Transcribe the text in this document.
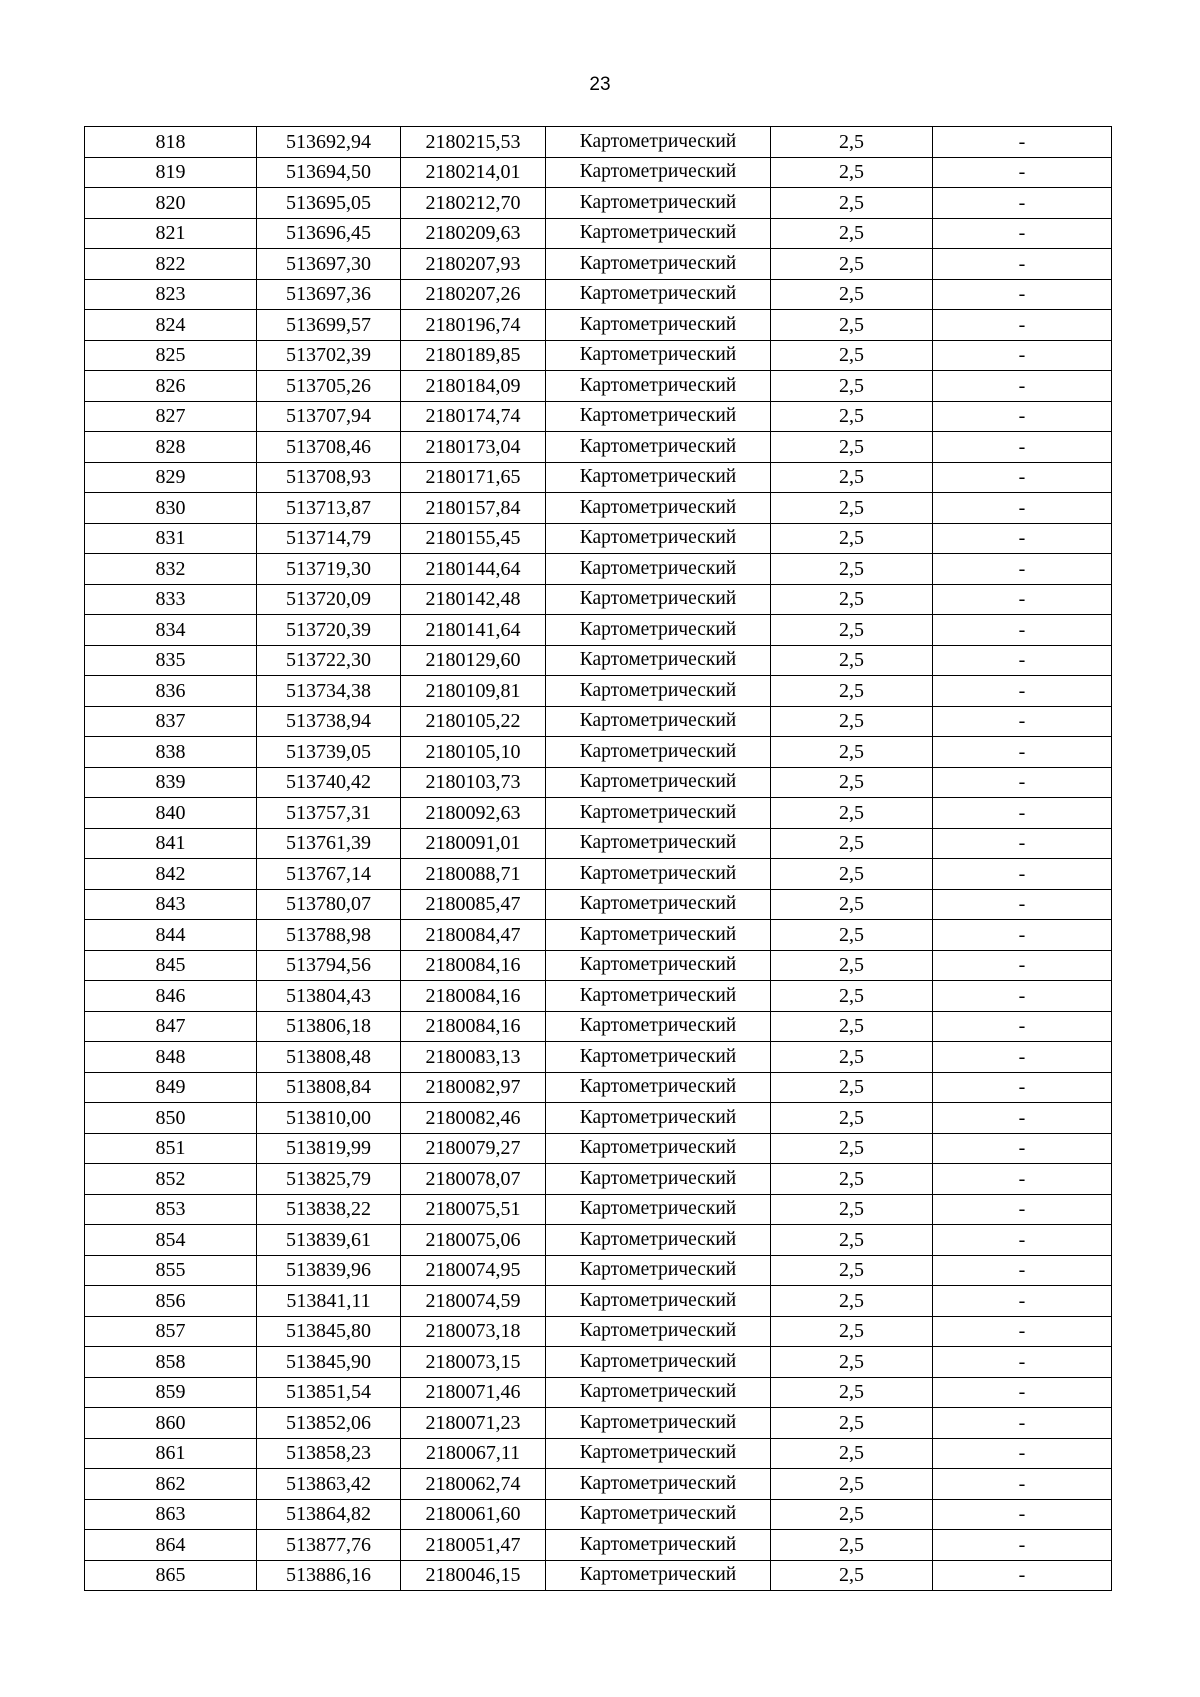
23
818	513692,94	2180215,53	Картометрический	2,5	-
819	513694,50	2180214,01	Картометрический	2,5	-
820	513695,05	2180212,70	Картометрический	2,5	-
821	513696,45	2180209,63	Картометрический	2,5	-
822	513697,30	2180207,93	Картометрический	2,5	-
823	513697,36	2180207,26	Картометрический	2,5	-
824	513699,57	2180196,74	Картометрический	2,5	-
825	513702,39	2180189,85	Картометрический	2,5	-
826	513705,26	2180184,09	Картометрический	2,5	-
827	513707,94	2180174,74	Картометрический	2,5	-
828	513708,46	2180173,04	Картометрический	2,5	-
829	513708,93	2180171,65	Картометрический	2,5	-
830	513713,87	2180157,84	Картометрический	2,5	-
831	513714,79	2180155,45	Картометрический	2,5	-
832	513719,30	2180144,64	Картометрический	2,5	-
833	513720,09	2180142,48	Картометрический	2,5	-
834	513720,39	2180141,64	Картометрический	2,5	-
835	513722,30	2180129,60	Картометрический	2,5	-
836	513734,38	2180109,81	Картометрический	2,5	-
837	513738,94	2180105,22	Картометрический	2,5	-
838	513739,05	2180105,10	Картометрический	2,5	-
839	513740,42	2180103,73	Картометрический	2,5	-
840	513757,31	2180092,63	Картометрический	2,5	-
841	513761,39	2180091,01	Картометрический	2,5	-
842	513767,14	2180088,71	Картометрический	2,5	-
843	513780,07	2180085,47	Картометрический	2,5	-
844	513788,98	2180084,47	Картометрический	2,5	-
845	513794,56	2180084,16	Картометрический	2,5	-
846	513804,43	2180084,16	Картометрический	2,5	-
847	513806,18	2180084,16	Картометрический	2,5	-
848	513808,48	2180083,13	Картометрический	2,5	-
849	513808,84	2180082,97	Картометрический	2,5	-
850	513810,00	2180082,46	Картометрический	2,5	-
851	513819,99	2180079,27	Картометрический	2,5	-
852	513825,79	2180078,07	Картометрический	2,5	-
853	513838,22	2180075,51	Картометрический	2,5	-
854	513839,61	2180075,06	Картометрический	2,5	-
855	513839,96	2180074,95	Картометрический	2,5	-
856	513841,11	2180074,59	Картометрический	2,5	-
857	513845,80	2180073,18	Картометрический	2,5	-
858	513845,90	2180073,15	Картометрический	2,5	-
859	513851,54	2180071,46	Картометрический	2,5	-
860	513852,06	2180071,23	Картометрический	2,5	-
861	513858,23	2180067,11	Картометрический	2,5	-
862	513863,42	2180062,74	Картометрический	2,5	-
863	513864,82	2180061,60	Картометрический	2,5	-
864	513877,76	2180051,47	Картометрический	2,5	-
865	513886,16	2180046,15	Картометрический	2,5	-
